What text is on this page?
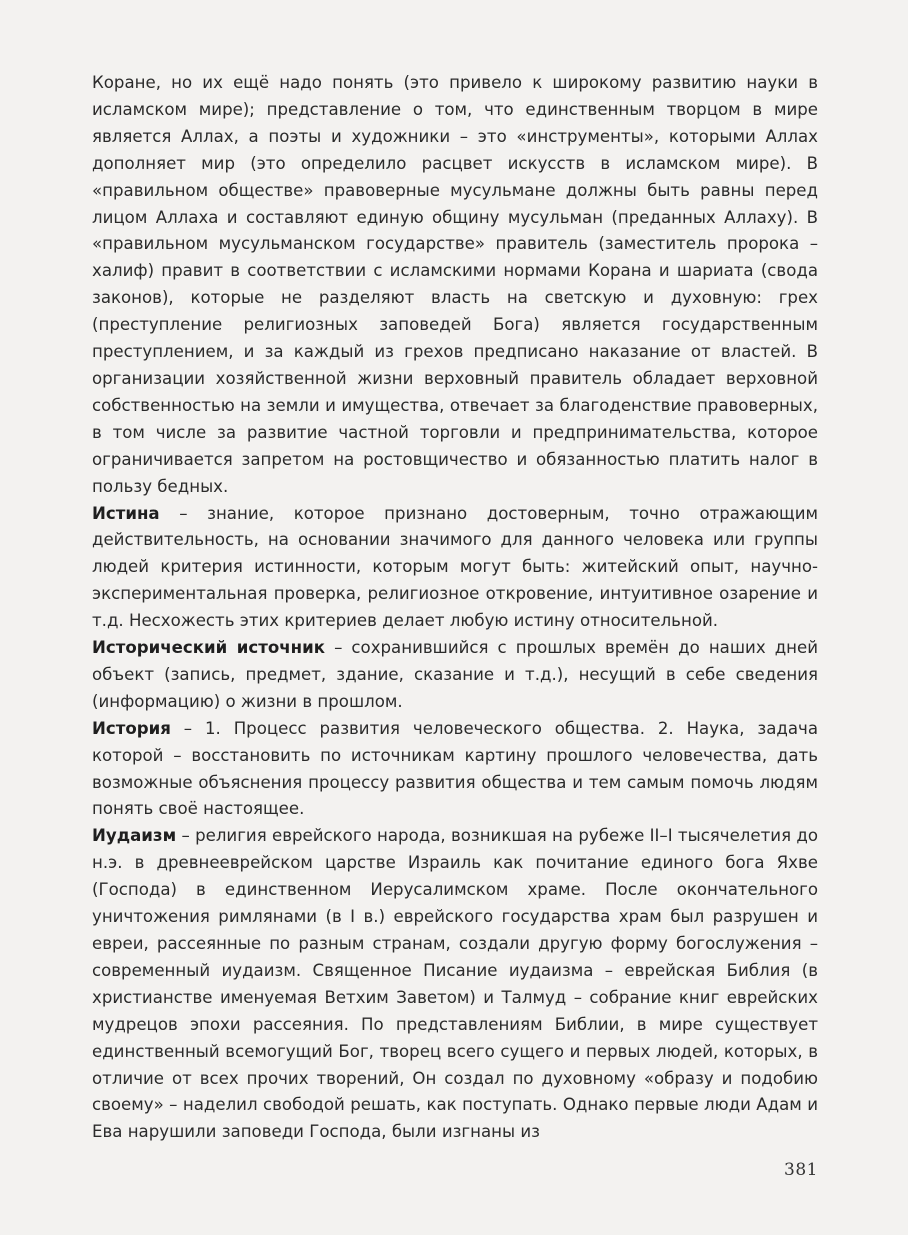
Коране, но их ещё надо понять (это привело к широкому развитию науки в исламском мире); представление о том, что единственным творцом в мире является Аллах, а поэты и художники – это «инструменты», которыми Аллах дополняет мир (это определило расцвет искусств в исламском мире). В «правильном обществе» правоверные мусульмане должны быть равны перед лицом Аллаха и составляют единую общину мусульман (преданных Аллаху). В «правильном мусульманском государстве» правитель (заместитель пророка – халиф) правит в соответствии с исламскими нормами Корана и шариата (свода законов), которые не разделяют власть на светскую и духовную: грех (преступление религиозных заповедей Бога) является государственным преступлением, и за каждый из грехов предписано наказание от властей. В организации хозяйственной жизни верховный правитель обладает верховной собственностью на земли и имущества, отвечает за благоденствие правоверных, в том числе за развитие частной торговли и предпринимательства, которое ограничивается запретом на ростовщичество и обязанностью платить налог в пользу бедных.

Истина – знание, которое признано достоверным, точно отражающим действительность, на основании значимого для данного человека или группы людей критерия истинности, которым могут быть: житейский опыт, научно-экспериментальная проверка, религиозное откровение, интуитивное озарение и т.д. Несхожесть этих критериев делает любую истину относительной.

Исторический источник – сохранившийся с прошлых времён до наших дней объект (запись, предмет, здание, сказание и т.д.), несущий в себе сведения (информацию) о жизни в прошлом.

История – 1. Процесс развития человеческого общества. 2. Наука, задача которой – восстановить по источникам картину прошлого человечества, дать возможные объяснения процессу развития общества и тем самым помочь людям понять своё настоящее.

Иудаизм – религия еврейского народа, возникшая на рубеже II–I тысячелетия до н.э. в древнееврейском царстве Израиль как почитание единого бога Яхве (Господа) в единственном Иерусалимском храме. После окончательного уничтожения римлянами (в I в.) еврейского государства храм был разрушен и евреи, рассеянные по разным странам, создали другую форму богослужения – современный иудаизм. Священное Писание иудаизма – еврейская Библия (в христианстве именуемая Ветхим Заветом) и Талмуд – собрание книг еврейских мудрецов эпохи рассеяния. По представлениям Библии, в мире существует единственный всемогущий Бог, творец всего сущего и первых людей, которых, в отличие от всех прочих творений, Он создал по духовному «образу и подобию своему» – наделил свободой решать, как поступать. Однако первые люди Адам и Ева нарушили заповеди Господа, были изгнаны из

381
